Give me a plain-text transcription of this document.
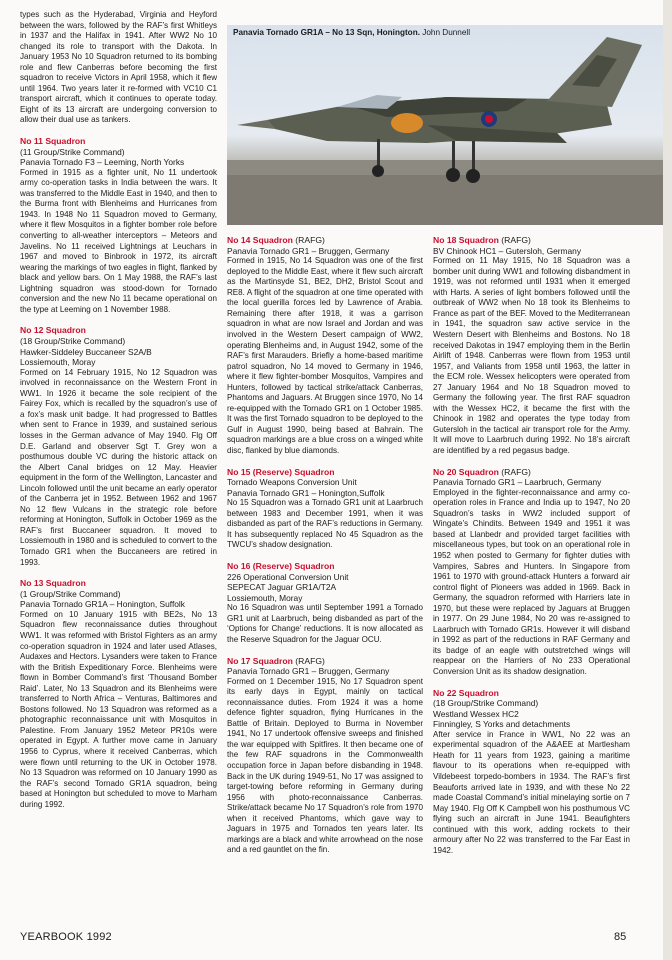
Panavia Tornado GR1A – No 13 Sqn, Honington. John Dunnell

types such as the Hyderabad, Virginia and Heyford between the wars, followed by the RAF’s first Whitleys in 1937 and the Halifax in 1941. After WW2 No 10 changed its role to transport with the Dakota. In January 1953 No 10 Squadron returned to its bombing role and flew Canberras before becoming the first squadron to receive Victors in April 1958, which it flew until 1964. Two years later it re-formed with VC10 C1 transport aircraft, which it continues to operate today. Eight of its 13 aircraft are undergoing conversion to allow their dual use as tankers.

No 11 Squadron
(11 Group/Strike Command)
Panavia Tornado F3 – Leeming, North Yorks

Formed in 1915 as a fighter unit, No 11 undertook army co-operation tasks in India between the wars. It was transferred to the Middle East in 1940, and then to the Burma front with Blenheims and Hurricanes from 1943. In 1948 No 11 Squadron moved to Germany, where it flew Mosquitos in a fighter bomber role before converting to all-weather interceptors – Meteors and Javelins. No 11 received Lightnings at Leuchars in 1967 and moved to Binbrook in 1972, its aircraft wearing the markings of two eagles in flight, flanked by black and yellow bars. On 1 May 1988, the RAF’s last Lightning squadron was stood-down for Tornado conversion and the new No 11 became operational on the type at Leeming on 1 November 1988.

No 12 Squadron
(18 Group/Strike Command)
Hawker-Siddeley Buccaneer S2A/B
Lossiemouth, Moray

Formed on 14 February 1915, No 12 Squadron was involved in reconnaissance on the Western Front in WW1. In 1926 it became the sole recipient of the Fairey Fox, which is recalled by the squadron’s use of a fox’s mask unit badge. It had progressed to Battles when sent to France in 1939, and sustained serious losses in the German advance of May 1940. Flg Off D.E. Garland and observer Sgt T. Grey won a posthumous double VC during the historic attack on the Albert Canal bridges on 12 May. Heavier equipment in the form of the Wellington, Lancaster and Lincoln followed until the unit became an early operator of the Canberra jet in 1952. Between 1962 and 1967 No 12 flew Vulcans in the strategic role before reforming at Honington, Suffolk in October 1969 as the RAF’s first Buccaneer squadron. It moved to Lossiemouth in 1980 and is scheduled to convert to the Tornado GR1 when the Buccaneers are retired in 1993.

No 13 Squadron
(1 Group/Strike Command)
Panavia Tornado GR1A – Honington, Suffolk

Formed on 10 January 1915 with BE2s, No 13 Squadron flew reconnaissance duties throughout WW1. It was reformed with Bristol Fighters as an army co-operation squadron in 1924 and later used Atlases, Audaxes and Hectors. Lysanders were taken to France with the British Expeditionary Force. Blenheims were flown in Bomber Command’s first ‘Thousand Bomber Raid’. Later, No 13 Squadron and its Blenheims were transferred to North Africa – Venturas, Baltimores and Bostons followed. No 13 Squadron was reformed as a photographic reconnaissance unit with Mosquitos in Palestine. From January 1952 Meteor PR10s were operated in Egypt. A further move came in January 1956 to Cyprus, where it received Canberras, which were flown until returning to the UK in October 1978. No 13 Squadron was reformed on 10 January 1990 as the RAF’s second Tornado GR1A squadron, being based at Honington but scheduled to move to Marham during 1992.

No 14 Squadron (RAFG)
Panavia Tornado GR1 – Bruggen, Germany

Formed in 1915, No 14 Squadron was one of the first deployed to the Middle East, where it flew such aircraft as the Martinsyde S1, BE2, DH2, Bristol Scout and RE8. A flight of the squadron at one time operated with the local guerilla forces led by Lawrence of Arabia. Remaining there after 1918, it was a garrison squadron in what are now Israel and Jordan and was involved in the Western Desert campaign of WW2, operating Blenheims and, in August 1942, some of the RAF’s first Marauders. Briefly a home-based maritime patrol squadron, No 14 moved to Germany in 1946, where it flew fighter-bomber Mosquitos, Vampires and Hunters, followed by tactical strike/attack Canberras, Phantoms and Jaguars. At Bruggen since 1970, No 14 re-equipped with the Tornado GR1 on 1 October 1985. It was the first Tornado squadron to be deployed to the Gulf in August 1990, being based at Bahrain. The squadron markings are a blue cross on a winged white disc, flanked by blue diamonds.

No 15 (Reserve) Squadron
Tornado Weapons Conversion Unit
Panavia Tornado GR1 – Honington,Suffolk

No 15 Squadron was a Tornado GR1 unit at Laarbruch between 1983 and December 1991, when it was disbanded as part of the RAF’s reductions in Germany. It has subsequently replaced No 45 Squadron as the TWCU’s shadow designation.

No 16 (Reserve) Squadron
226 Operational Conversion Unit
SEPECAT Jaguar GR1A/T2A
Lossiemouth, Moray

No 16 Squadron was until September 1991 a Tornado GR1 unit at Laarbruch, being disbanded as part of the ‘Options for Change’ reductions. It is now allocated as the Reserve Squadron for the Jaguar OCU.

No 17 Squadron (RAFG)
Panavia Tornado GR1 – Bruggen, Germany

Formed on 1 December 1915, No 17 Squadron spent its early days in Egypt, mainly on tactical reconnaissance duties. From 1924 it was a home defence fighter squadron, flying Hurricanes in the Battle of Britain. Deployed to Burma in November 1941, No 17 undertook offensive sweeps and finished the war equipped with Spitfires. It then became one of the few RAF squadrons in the Commonwealth occupation force in Japan before disbanding in 1948. Back in the UK during 1949-51, No 17 was assigned to target-towing before reforming in Germany during 1956 with photo-reconnaissance Canberras. Strike/attack became No 17 Squadron’s role from 1970 when it received Phantoms, which gave way to Jaguars in 1975 and Tornados ten years later. Its markings are a black and white arrowhead on the nose and a red gauntlet on the fin.

No 18 Squadron (RAFG)
BV Chinook HC1 – Gutersloh, Germany

Formed on 11 May 1915, No 18 Squadron was a bomber unit during WW1 and following disbandment in 1919, was not reformed until 1931 when it emerged with Harts. A series of light bombers followed until the outbreak of WW2 when No 18 took its Blenheims to France as part of the BEF. Moved to the Mediterranean in 1941, the squadron saw active service in the Western Desert with Blenheims and Bostons. No 18 received Dakotas in 1947 employing them in the Berlin Airlift of 1948. Canberras were flown from 1953 until 1957, and Valiants from 1958 until 1963, the latter in the ECM role. Wessex helicopters were operated from 27 January 1964 and No 18 Squadron moved to Germany the following year. The first RAF squadron with the Wessex HC2, it became the first with the Chinook in 1982 and operates the type today from Gutersloh in the tactical air transport role for the Army. It will move to Laarbruch during 1992. No 18’s aircraft are identified by a red pegasus badge.

No 20 Squadron (RAFG)
Panavia Tornado GR1 – Laarbruch, Germany

Employed in the fighter-reconnaissance and army co-operation roles in France and India up to 1947, No 20 Squadron’s tasks in WW2 included support of Wingate’s Chindits. Between 1949 and 1951 it was based at Llanbedr and provided target facilities with miscellaneous types, but took on an operational role in 1952 when posted to Germany for fighter duties with Vampires, Sabres and Hunters. In Singapore from 1961 to 1970 with ground-attack Hunters a forward air control flight of Pioneers was added in 1969. Back in Germany, the squadron reformed with Harriers late in 1970, but these were replaced by Jaguars at Bruggen in 1977. On 29 June 1984, No 20 was re-assigned to Laarbruch with Tornado GR1s. However it will disband in 1992 as part of the reductions in RAF Germany and its badge of an eagle with outstretched wings will reappear on the Harriers of No 233 Operational Conversion Unit as its shadow designation.

No 22 Squadron
(18 Group/Strike Command)
Westland Wessex HC2
Finningley, S Yorks and detachments

After service in France in WW1, No 22 was an experimental squadron of the A&AEE at Martlesham Heath for 11 years from 1923, gaining a maritime flavour to its operations when re-equipped with Vildebeest torpedo-bombers in 1934. The RAF’s first Beauforts arrived late in 1939, and with these No 22 made Coastal Command’s initial minelaying sortie on 7 May 1940. Flg Off K Campbell won his posthumous VC flying such an aircraft in June 1941. Beaufighters continued with this work, adding rockets to their armoury after No 22 was transferred to the Far East in 1942.

YEARBOOK 1992	85
